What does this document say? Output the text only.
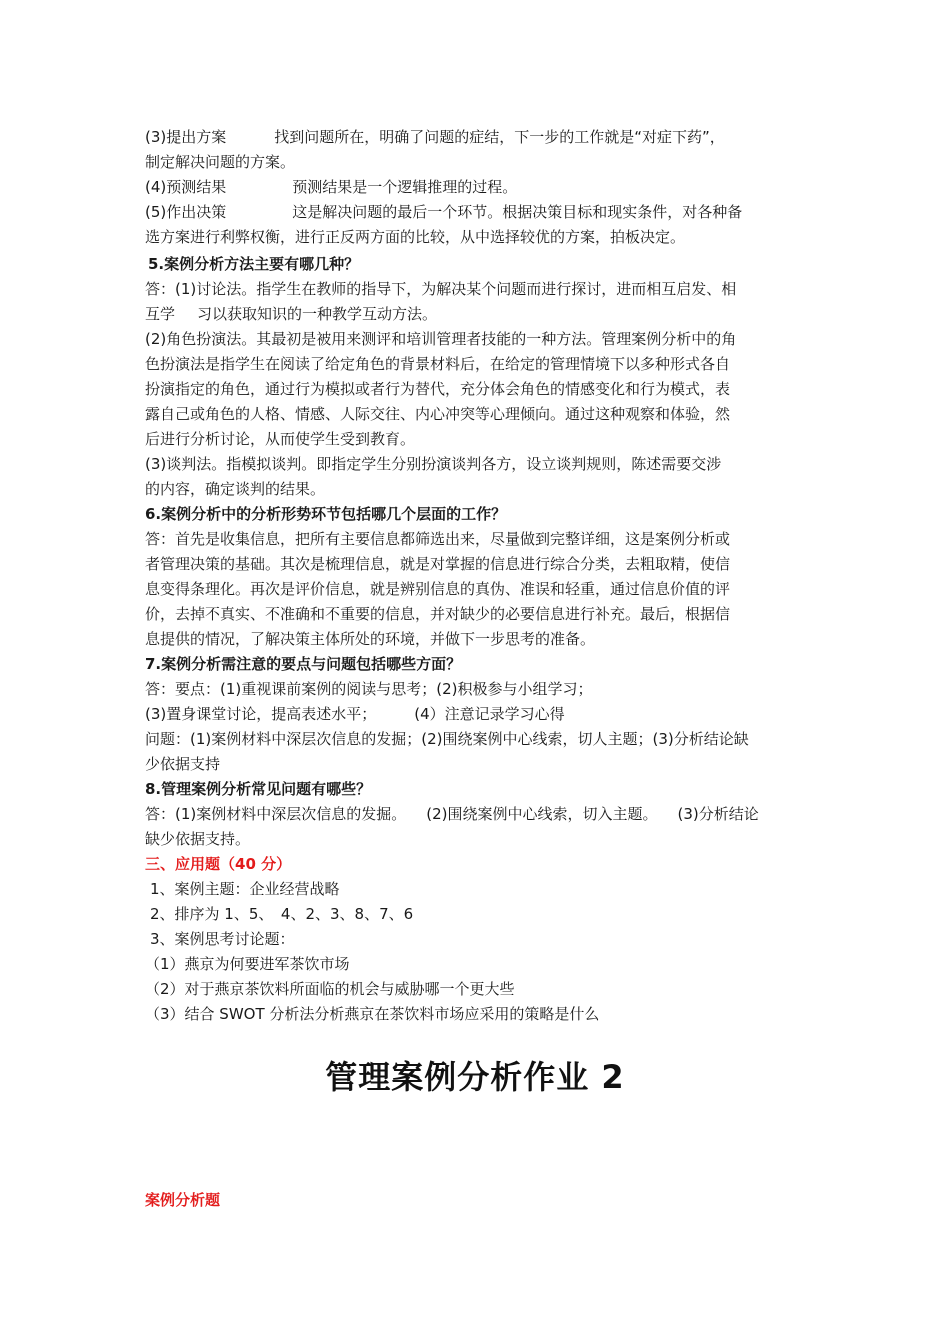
(3)提出方案	找到问题所在，明确了问题的症结，下一步的工作就是“对症下药”，
制定解决问题的方案。
(4)预测结果	预测结果是一个逻辑推理的过程。
(5)作出决策	这是解决问题的最后一个环节。根据决策目标和现实条件，对各种备
选方案进行利弊权衡，进行正反两方面的比较，从中选择较优的方案，拍板决定。
5.案例分析方法主要有哪几种？
答：(1)讨论法。指学生在教师的指导下，为解决某个问题而进行探讨，进而相互启发、相
互学 习以获取知识的一种教学互动方法。
(2)角色扮演法。其最初是被用来测评和培训管理者技能的一种方法。管理案例分析中的角
色扮演法是指学生在阅读了给定角色的背景材料后，在给定的管理情境下以多种形式各自
扮演指定的角色，通过行为模拟或者行为替代，充分体会角色的情感变化和行为模式，表
露自己或角色的人格、情感、人际交往、内心冲突等心理倾向。通过这种观察和体验，然
后进行分析讨论，从而使学生受到教育。
(3)谈判法。指模拟谈判。即指定学生分别扮演谈判各方，设立谈判规则，陈述需要交涉
的内容，确定谈判的结果。
6.案例分析中的分析形势环节包括哪几个层面的工作？
答：首先是收集信息，把所有主要信息都筛选出来，尽量做到完整详细，这是案例分析或
者管理决策的基础。其次是梳理信息，就是对掌握的信息进行综合分类，去粗取精，使信
息变得条理化。再次是评价信息，就是辨别信息的真伪、准误和轻重，通过信息价值的评
价，去掉不真实、不准确和不重要的信息，并对缺少的必要信息进行补充。最后，根据信
息提供的情况，了解决策主体所处的环境，并做下一步思考的准备。
7.案例分析需注意的要点与问题包括哪些方面？
答：要点：(1)重视课前案例的阅读与思考；(2)积极参与小组学习；
(3)置身课堂讨论，提高表述水平；	(4）注意记录学习心得
问题：(1)案例材料中深层次信息的发掘；(2)围绕案例中心线索，切人主题；(3)分析结论缺
少依据支持
8.管理案例分析常见问题有哪些？
答：(1)案例材料中深层次信息的发掘。 (2)围绕案例中心线索，切入主题。 (3)分析结论
缺少依据支持。
三、应用题（40 分）
1、案例主题：企业经营战略
2、排序为 1、5、　4、2、3、8、7、6
3、案例思考讨论题：
（1）燕京为何要进军茶饮市场
（2）对于燕京茶饮料所面临的机会与威胁哪一个更大些
（3）结合 SWOT 分析法分析燕京在茶饮料市场应采用的策略是什么
管理案例分析作业 2
案例分析题
